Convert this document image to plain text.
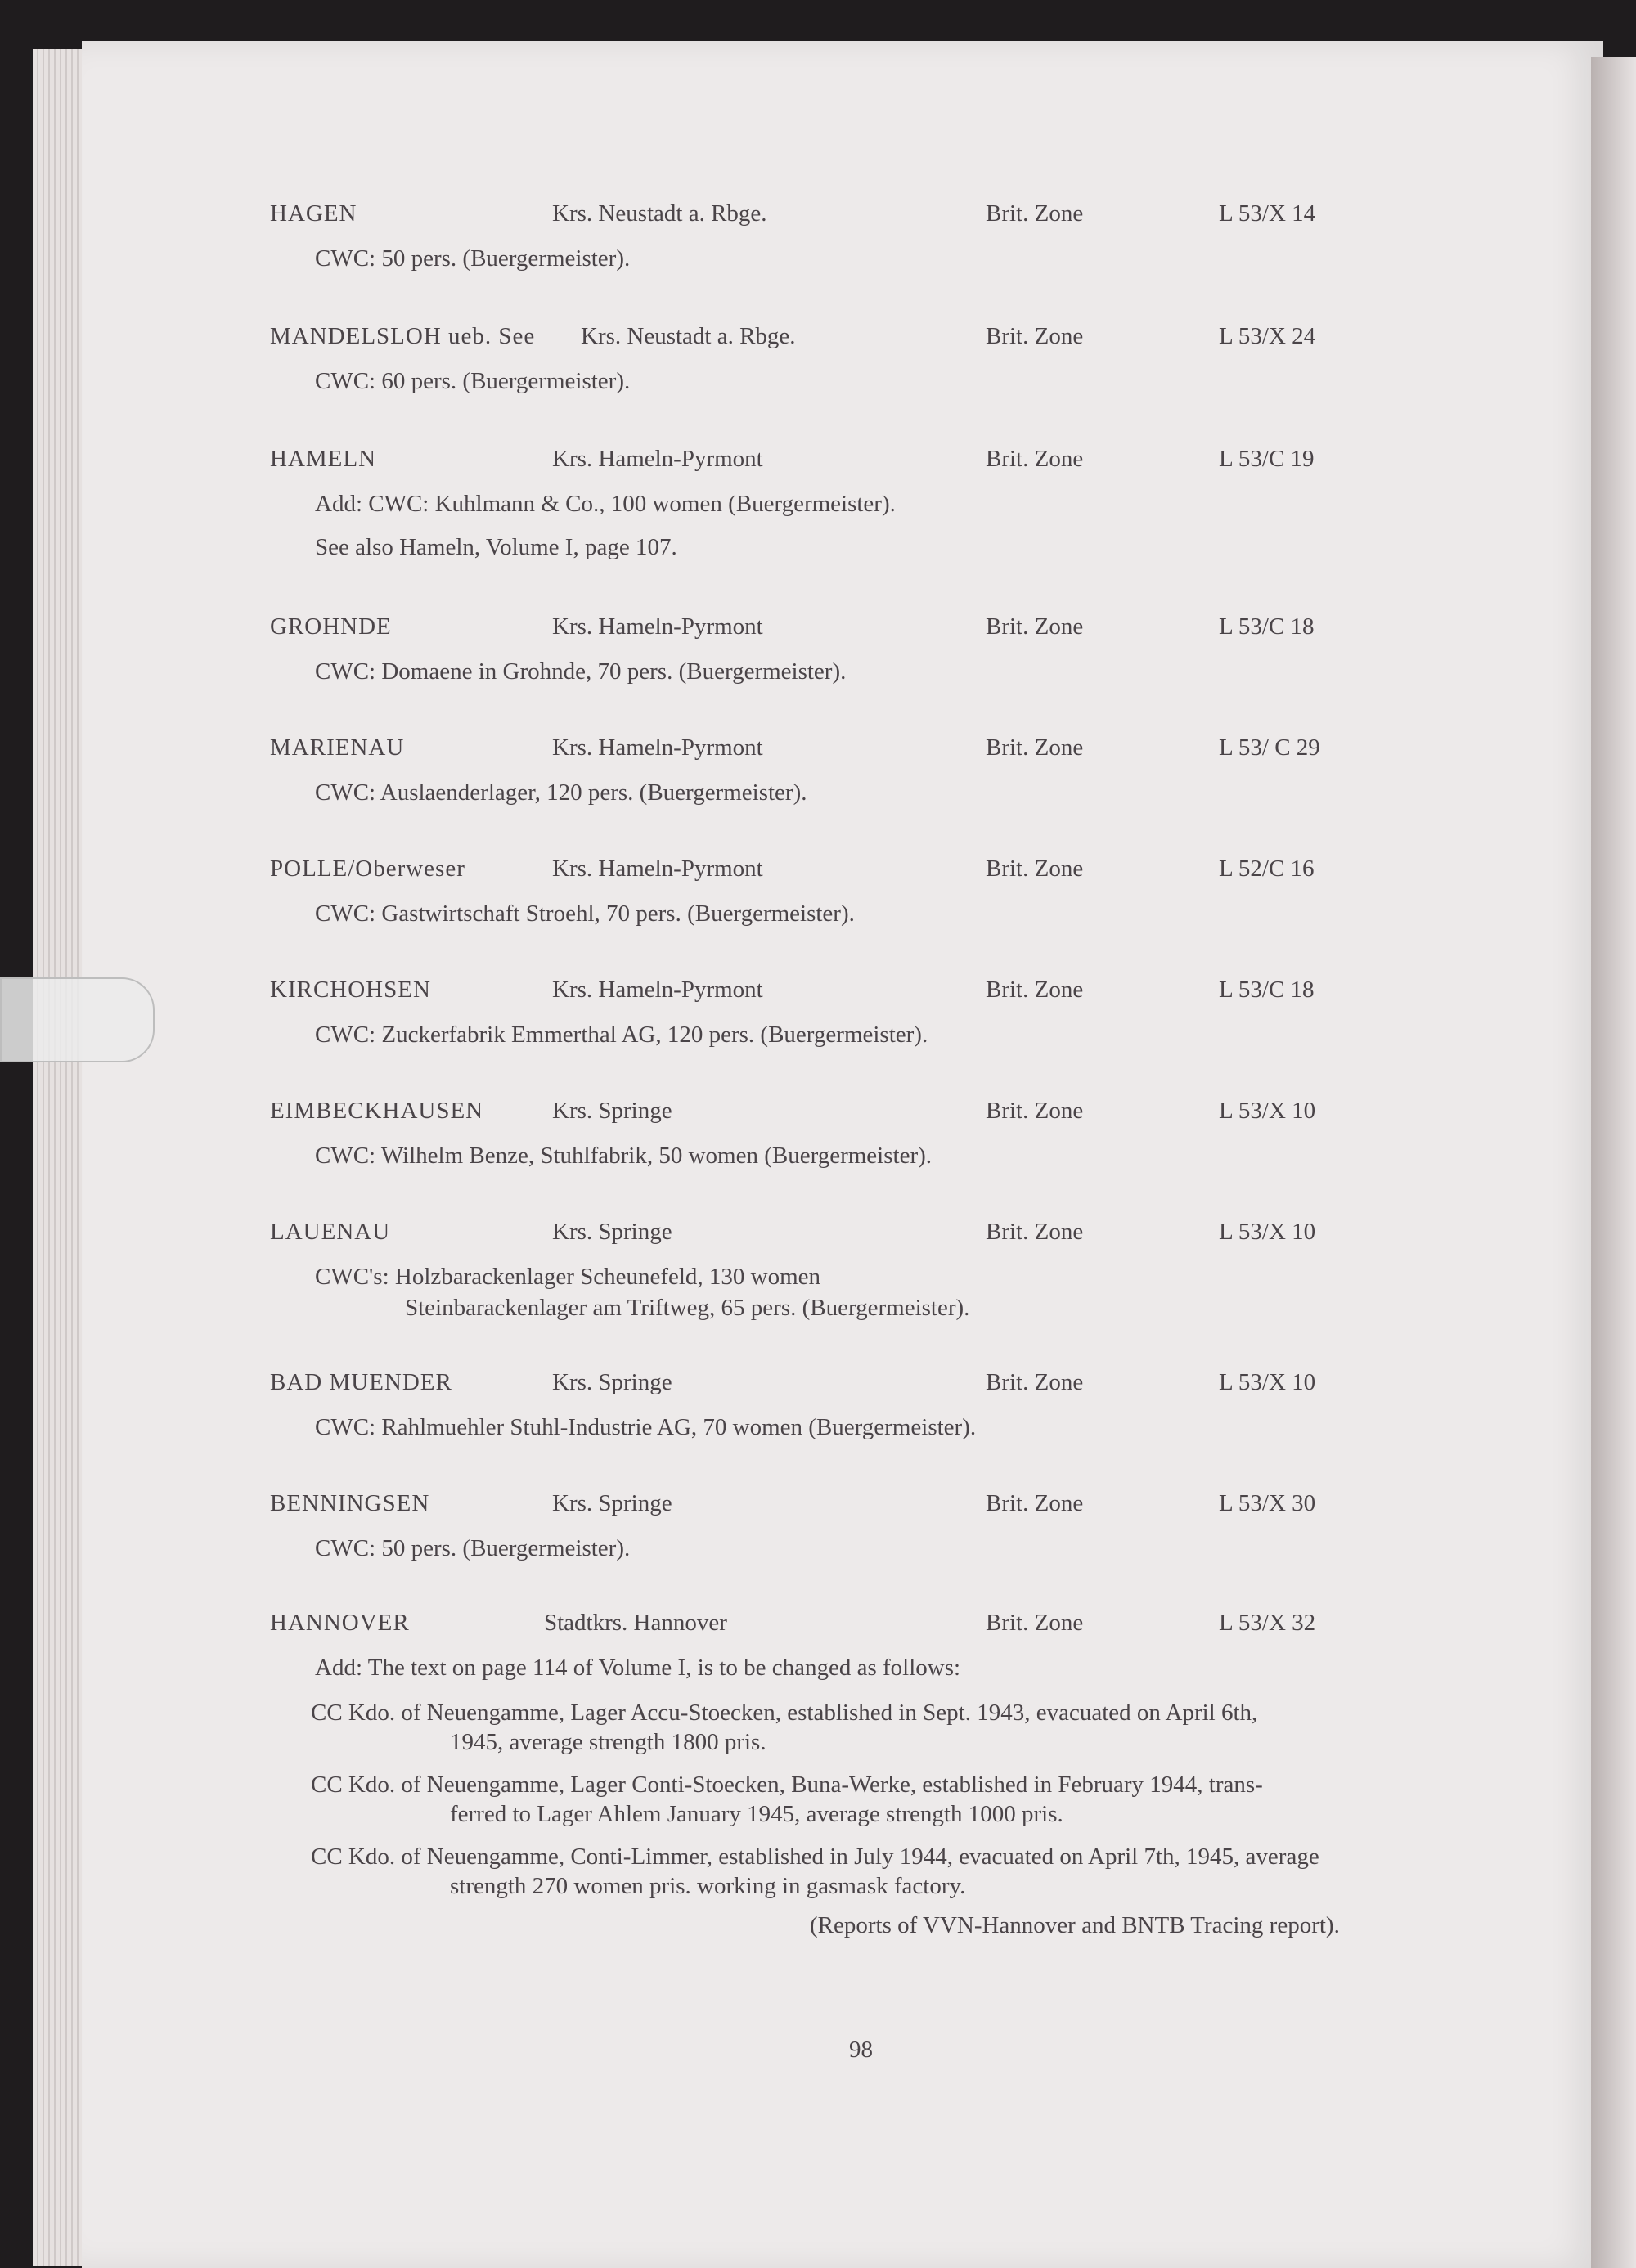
HAGEN	Krs. Neustadt a. Rbge.	Brit. Zone	L 53/X 14
CWC: 50 pers. (Buergermeister).
MANDELSLOH ueb. See Krs. Neustadt a. Rbge.	Brit. Zone	L 53/X 24
CWC: 60 pers. (Buergermeister).
HAMELN	Krs. Hameln-Pyrmont	Brit. Zone	L 53/C 19
Add: CWC: Kuhlmann & Co., 100 women (Buergermeister).
See also Hameln, Volume I, page 107.
GROHNDE	Krs. Hameln-Pyrmont	Brit. Zone	L 53/C 18
CWC: Domaene in Grohnde, 70 pers. (Buergermeister).
MARIENAU	Krs. Hameln-Pyrmont	Brit. Zone	L 53/ C 29
CWC: Auslaenderlager, 120 pers. (Buergermeister).
POLLE/Oberweser	Krs. Hameln-Pyrmont	Brit. Zone	L 52/C 16
CWC: Gastwirtschaft Stroehl, 70 pers. (Buergermeister).
KIRCHOHSEN	Krs. Hameln-Pyrmont	Brit. Zone	L 53/C 18
CWC: Zuckerfabrik Emmerthal AG, 120 pers. (Buergermeister).
EIMBECKHAUSEN	Krs. Springe	Brit. Zone	L 53/X 10
CWC: Wilhelm Benze, Stuhlfabrik, 50 women (Buergermeister).
LAUENAU	Krs. Springe	Brit. Zone	L 53/X 10
CWC's: Holzbarackenlager Scheunefeld, 130 women
Steinbarackenlager am Triftweg, 65 pers. (Buergermeister).
BAD MUENDER	Krs. Springe	Brit. Zone	L 53/X 10
CWC: Rahlmuehler Stuhl-Industrie AG, 70 women (Buergermeister).
BENNINGSEN	Krs. Springe	Brit. Zone	L 53/X 30
CWC: 50 pers. (Buergermeister).
HANNOVER	Stadtkrs. Hannover	Brit. Zone	L 53/X 32
Add: The text on page 114 of Volume I, is to be changed as follows:
CC Kdo. of Neuengamme, Lager Accu-Stoecken, established in Sept. 1943, evacuated on April 6th,
1945, average strength 1800 pris.
CC Kdo. of Neuengamme, Lager Conti-Stoecken, Buna-Werke, established in February 1944, trans-
ferred to Lager Ahlem January 1945, average strength 1000 pris.
CC Kdo. of Neuengamme, Conti-Limmer, established in July 1944, evacuated on April 7th, 1945, average
strength 270 women pris. working in gasmask factory.
(Reports of VVN-Hannover and BNTB Tracing report).
98
